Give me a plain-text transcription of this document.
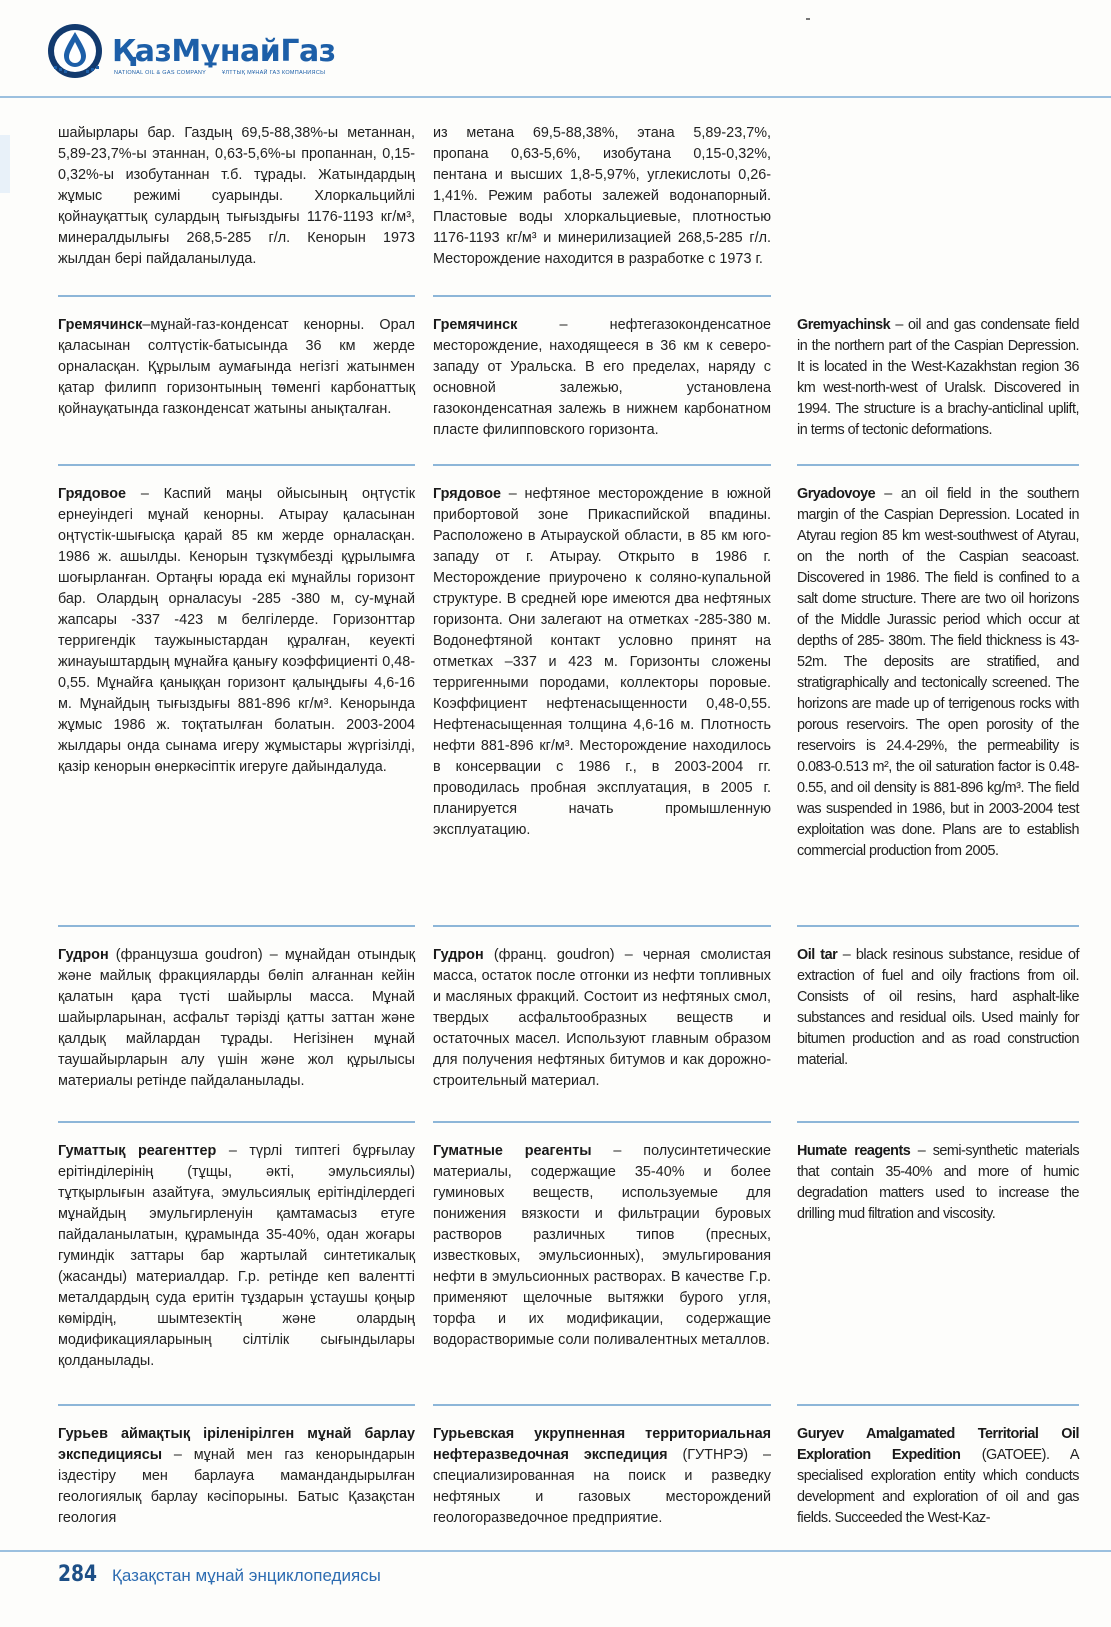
ҚазМұнайГаз
NATIONAL OIL & GAS COMPANY	ҰЛТТЫҚ МҰНАЙ ГАЗ КОМПАНИЯСЫ
шайырлары бар. Газдың 69,5-88,38%-ы метаннан, 5,89-23,7%-ы этаннан, 0,63-5,6%-ы пропаннан, 0,15-0,32%-ы изобутаннан т.б. тұрады. Жатындардың жұмыс режимі суарынды. Хлоркальцийлі қойнауқаттық сулардың тығыздығы 1176-1193 кг/м³, минералдылығы 268,5-285 г/л. Кенорын 1973 жылдан бері пайдаланылуда.
из метана 69,5-88,38%, этана 5,89-23,7%, пропана 0,63-5,6%, изобутана 0,15-0,32%, пентана и высших 1,8-5,97%, углекислоты 0,26-1,41%. Режим работы залежей водонапорный. Пластовые воды хлоркальциевые, плотностью 1176-1193 кг/м³ и минерилизацией 268,5-285 г/л. Месторождение находится в разработке с 1973 г.
Гремячинск–мұнай-газ-конденсат кенорны. Орал қаласынан солтүстік-батысында 36 км жерде орналасқан. Құрылым аумағында негізгі жатынмен қатар филипп горизонтының төменгі карбонаттық қойнауқатында газконденсат жатыны анықталған.
Гремячинск – нефтегазоконденсатное месторождение, находящееся в 36 км к северо-западу от Уральска. В его пределах, наряду с основной залежью, установлена газоконденсатная залежь в нижнем карбонатном пласте филипповского горизонта.
Gremyachinsk – oil and gas condensate field in the northern part of the Caspian Depression. It is located in the West-Kazakhstan region 36 km west-north-west of Uralsk. Discovered in 1994. The structure is a brachy-anticlinal uplift, in terms of tectonic deformations.
Грядовое – Каспий маңы ойысының оңтүстік ернеуіндегі мұнай кенорны. Атырау қаласынан оңтүстік-шығысқа қарай 85 км жерде орналасқан. 1986 ж. ашылды. Кенорын тұзкүмбезді құрылымға шоғырланған. Ортаңғы юрада екі мұнайлы горизонт бар. Олардың орналасуы -285 -380 м, су-мұнай жапсары -337 -423 м белгілерде. Горизонттар терригендік таужыныстардан құралған, кеуекті жинауыштардың мұнайға қанығу коэффициенті 0,48-0,55. Мұнайға қаныққан горизонт қалыңдығы 4,6-16 м. Мұнайдың тығыздығы 881-896 кг/м³. Кенорында жұмыс 1986 ж. тоқтатылған болатын. 2003-2004 жылдары онда сынама игеру жұмыстары жүргізілді, қазір кенорын өнеркәсіптік игеруге дайындалуда.
Грядовое – нефтяное месторождение в южной прибортовой зоне Прикаспийской впадины. Расположено в Атырауской области, в 85 км юго-западу от г. Атырау. Открыто в 1986 г. Месторождение приурочено к соляно-купальной структуре. В средней юре имеются два нефтяных горизонта. Они залегают на отметках -285-380 м. Водонефтяной контакт условно принят на отметках –337 и 423 м. Горизонты сложены терригенными породами, коллекторы поровые. Коэффициент нефтенасыщенности 0,48-0,55. Нефтенасыщенная толщина 4,6-16 м. Плотность нефти 881-896 кг/м³. Месторождение находилось в консервации с 1986 г., в 2003-2004 гг. проводилась пробная эксплуатация, в 2005 г. планируется начать промышленную эксплуатацию.
Gryadovoye – an oil field in the southern margin of the Caspian Depression. Located in Atyrau region 85 km west-southwest of Atyrau, on the north of the Caspian seacoast. Discovered in 1986. The field is confined to a salt dome structure. There are two oil horizons of the Middle Jurassic period which occur at depths of 285- 380m. The field thickness is 43-52m. The deposits are stratified, and stratigraphically and tectonically screened. The horizons are made up of terrigenous rocks with porous reservoirs. The open porosity of the reservoirs is 24.4-29%, the permeability is 0.083-0.513 m², the oil saturation factor is 0.48-0.55, and oil density is 881-896 kg/m³. The field was suspended in 1986, but in 2003-2004 test exploitation was done. Plans are to establish commercial production from 2005.
Гудрон (французша goudron) – мұнайдан отындық және майлық фракцияларды бөліп алғаннан кейін қалатын қара түсті шайырлы масса. Мұнай шайырларынан, асфальт тәрізді қатты заттан және қалдық майлардан тұрады. Негізінен мұнай таушайырларын алу үшін және жол құрылысы материалы ретінде пайдаланылады.
Гудрон (франц. goudron) – черная смолистая масса, остаток после отгонки из нефти топливных и масляных фракций. Состоит из нефтяных смол, твердых асфальтообразных веществ и остаточных масел. Используют главным образом для получения нефтяных битумов и как дорожно-строительный материал.
Oil tar – black resinous substance, residue of extraction of fuel and oily fractions from oil. Consists of oil resins, hard asphalt-like substances and residual oils. Used mainly for bitumen production and as road construction material.
Гуматтық реагенттер – түрлі типтегі бұрғылау ерітінділерінің (тұщы, әкті, эмульсиялы) тұтқырлығын азайтуға, эмульсиялық ерітінділердегі мұнайдың эмульгирленуін қамтамасыз етуге пайдаланылатын, құрамында 35-40%, одан жоғары гуминдік заттары бар жартылай синтетикалық (жасанды) материалдар. Г.р. ретінде кеп валентті металдардың суда еритін тұздарын ұстаушы қоңыр көмірдің, шымтезектің және олардың модификацияларының сілтілік сығындылары қолданылады.
Гуматные реагенты – полусинтетические материалы, содержащие 35-40% и более гуминовых веществ, используемые для понижения вязкости и фильтрации буровых растворов различных типов (пресных, известковых, эмульсионных), эмульгирования нефти в эмульсионных растворах. В качестве Г.р. применяют щелочные вытяжки бурого угля, торфа и их модификации, содержащие водорастворимые соли поливалентных металлов.
Humate reagents – semi-synthetic materials that contain 35-40% and more of humic degradation matters used to increase the drilling mud filtration and viscosity.
Гурьев аймақтық іріленірілген мұнай барлау экспедициясы – мұнай мен газ кенорындарын іздестіру мен барлауға мамандандырылған геологиялық барлау кәсіпорыны. Батыс Қазақстан геология
Гурьевская укрупненная территориальная нефтеразведочная экспедиция (ГУТНРЭ) – специализированная на поиск и разведку нефтяных и газовых месторождений геологоразведочное предприятие.
Guryev Amalgamated Territorial Oil Exploration Expedition (GATOEE). A specialised exploration entity which conducts development and exploration of oil and gas fields. Succeeded the West-Kaz-
284 Қазақстан мұнай энциклопедиясы
